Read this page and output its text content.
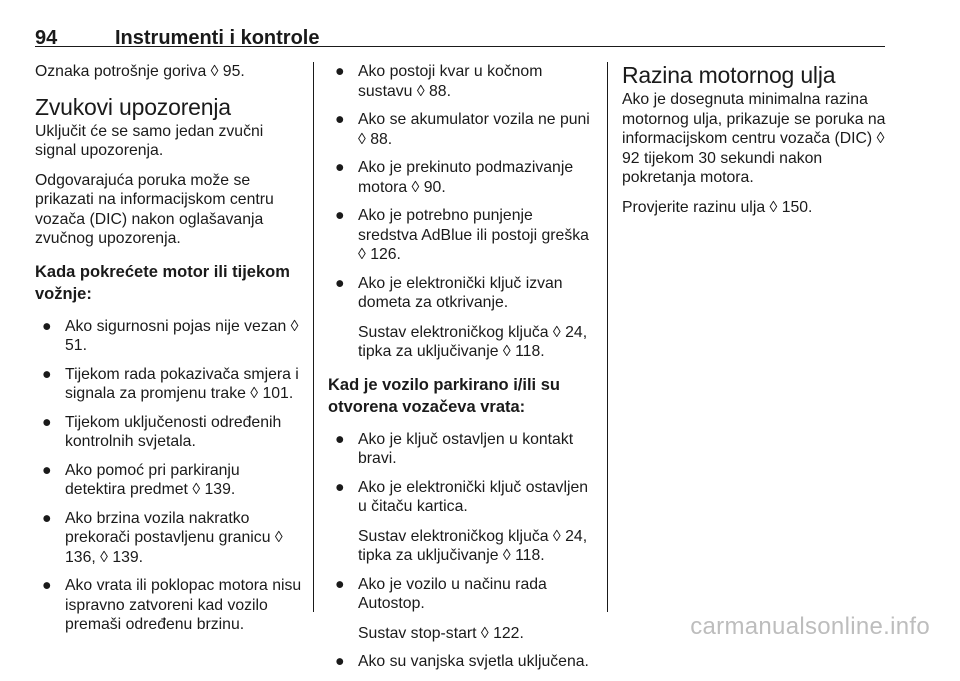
94	Instrumenti i kontrole

Oznaka potrošnje goriva ◊ 95.

Zvukovi upozorenja

Uključit će se samo jedan zvučni signal upozorenja.

Odgovarajuća poruka može se prikazati na informacijskom centru vozača (DIC) nakon oglašavanja zvučnog upozorenja.

Kada pokrećete motor ili tijekom vožnje:
● Ako sigurnosni pojas nije vezan ◊ 51.
● Tijekom rada pokazivača smjera i signala za promjenu trake ◊ 101.
● Tijekom uključenosti određenih kontrolnih svjetala.
● Ako pomoć pri parkiranju detektira predmet ◊ 139.
● Ako brzina vozila nakratko prekorači postavljenu granicu ◊ 136, ◊ 139.
● Ako vrata ili poklopac motora nisu ispravno zatvoreni kad vozilo premaši određenu brzinu.
● Ako postoji kvar u kočnom sustavu ◊ 88.
● Ako se akumulator vozila ne puni ◊ 88.
● Ako je prekinuto podmazivanje motora ◊ 90.
● Ako je potrebno punjenje sredstva AdBlue ili postoji greška ◊ 126.
● Ako je elektronički ključ izvan dometa za otkrivanje.
Sustav elektroničkog ključa ◊ 24, tipka za uključivanje ◊ 118.
Kad je vozilo parkirano i/ili su otvorena vozačeva vrata:
● Ako je ključ ostavljen u kontakt bravi.
● Ako je elektronički ključ ostavljen u čitaču kartica.
Sustav elektroničkog ključa ◊ 24, tipka za uključivanje ◊ 118.
● Ako je vozilo u načinu rada Autostop.
Sustav stop-start ◊ 122.
● Ako su vanjska svjetla uključena.
Razina motornog ulja

Ako je dosegnuta minimalna razina motornog ulja, prikazuje se poruka na informacijskom centru vozača (DIC) ◊ 92 tijekom 30 sekundi nakon pokretanja motora.

Provjerite razinu ulja ◊ 150.

carmanualsonline.info
